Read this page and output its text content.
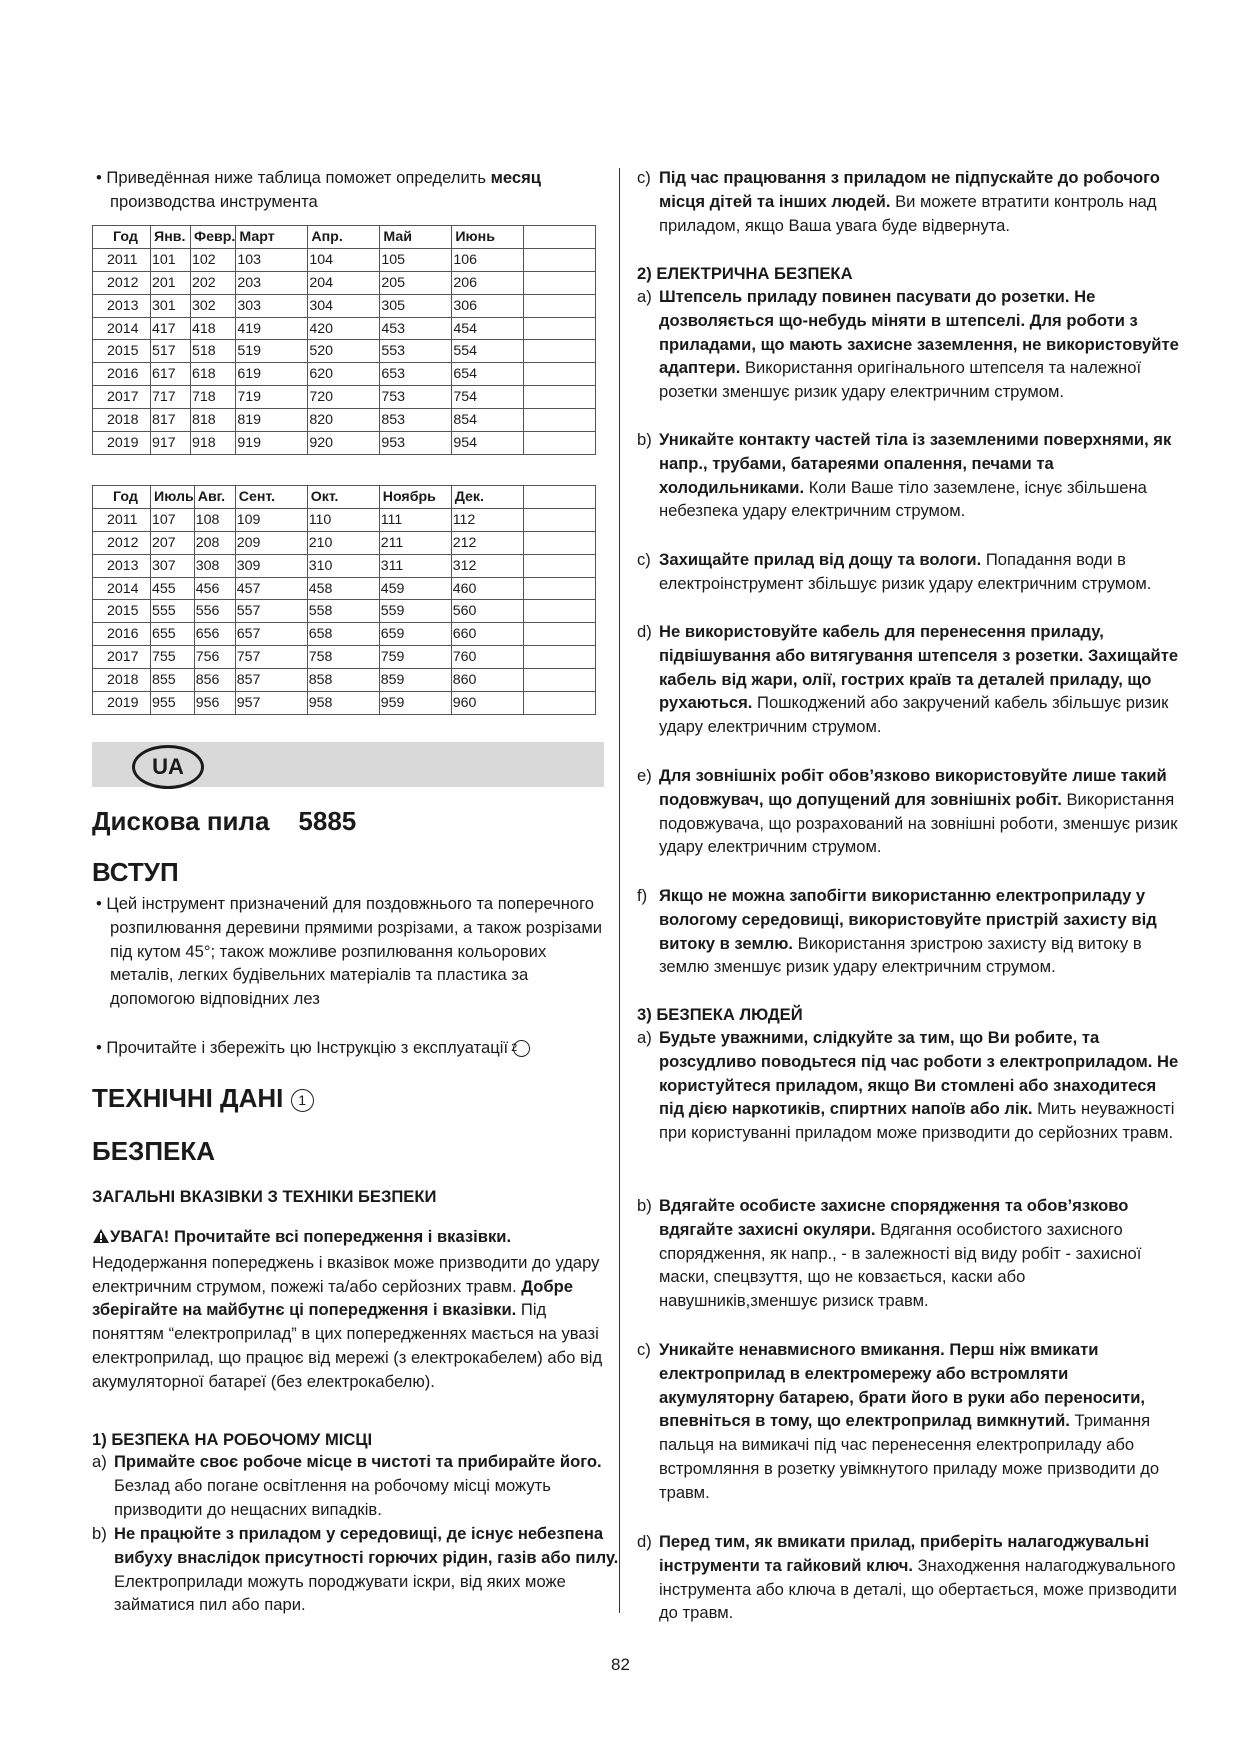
• Приведённая ниже таблица поможет определить месяц производства инструмента

Год	Янв.	Февр.	Март	Апр.	Май	Июнь	
2011	101	102	103	104	105	106	
2012	201	202	203	204	205	206	
2013	301	302	303	304	305	306	
2014	417	418	419	420	453	454	
2015	517	518	519	520	553	554	
2016	617	618	619	620	653	654	
2017	717	718	719	720	753	754	
2018	817	818	819	820	853	854	
2019	917	918	919	920	953	954	
Год	Июль	Авг.	Сент.	Окт.	Ноябрь	Дек.	
2011	107	108	109	110	111	112	
2012	207	208	209	210	211	212	
2013	307	308	309	310	311	312	
2014	455	456	457	458	459	460	
2015	555	556	557	558	559	560	
2016	655	656	657	658	659	660	
2017	755	756	757	758	759	760	
2018	855	856	857	858	859	860	
2019	955	956	957	958	959	960	
UA

Дискова пила    5885

ВСТУП

• Цей інструмент призначений для поздовжнього та поперечного розпилювання деревини прямими розрізами, а також розрізами під кутом 45°; також можливе розпилювання кольорових металів, легких будівельних матеріалів та пластика за допомогою відповідних лез

• Прочитайте і збережіть цю Інструкцію з експлуатації 2

ТЕХНІЧНІ ДАНІ 1

БЕЗПЕКА

ЗАГАЛЬНІ ВКАЗІВКИ З ТЕХНІКИ БЕЗПЕКИ

УВАГА! Прочитайте всі попередження і вказівки. Недодержання попереджень і вказівок може призводити до удару електричним струмом, пожежі та/або серйозних травм. Добре зберігайте на майбутнє ці попередження і вказівки. Під поняттям “електроприлад” в цих попередженнях мається на увазі електроприлад, що працює від мережі (з електрокабелем) або від акумуляторної батареї (без електрокабелю).

1) БЕЗПЕКА НА РОБОЧОМУ МІСЦІ

a) Примайте своє робоче місце в чистоті та прибирайте його. Безлад або погане освітлення на робочому місці можуть призводити до нещасних випадків.

b) Не працюйте з приладом у середовищі, де існує небезпена вибуху внаслідок присутності горючих рідин, газів або пилу. Електроприлади можуть породжувати іскри, від яких може займатися пил або пари.

c) Під час працювання з приладом не підпускайте до робочого місця дітей та інших людей. Ви можете втратити контроль над приладом, якщо Ваша увага буде відвернута.

2) ЕЛЕКТРИЧНА БЕЗПЕКА

a) Штепсель приладу повинен пасувати до розетки. Не дозволяється що-небудь міняти в штепселі. Для роботи з приладами, що мають захисне заземлення, не використовуйте адаптери. Використання оригінального штепселя та належної розетки зменшує ризик удару електричним струмом.

b) Уникайте контакту частей тіла із заземленими поверхнями, як напр., трубами, батареями опалення, печами та холодильниками. Коли Ваше тіло заземлене, існує збільшена небезпека удару електричним струмом.

c) Захищайте прилад від дощу та вологи. Попадання води в електроінструмент збільшує ризик удару електричним струмом.

d) Не використовуйте кабель для перенесення приладу, підвішування або витягування штепселя з розетки. Захищайте кабель від жари, олії, гострих країв та деталей приладу, що рухаються. Пошкоджений або закручений кабель збільшує ризик удару електричним струмом.

e) Для зовнішніх робіт обов’язково використовуйте лише такий подовжувач, що допущений для зовнішніх робіт. Використання подовжувача, що розрахований на зовнішні роботи, зменшує ризик удару електричним струмом.

f) Якщо не можна запобігти використанню електроприладу у вологому середовищі, використовуйте пристрій захисту від витоку в землю. Використання зристрою захисту від витоку в землю зменшує ризик удару електричним струмом.

3) БЕЗПЕКА ЛЮДЕЙ

a) Будьте уважними, слідкуйте за тим, що Ви робите, та розсудливо поводьтеся під час роботи з електроприладом. Не користуйтеся приладом, якщо Ви стомлені або знаходитеся під дією наркотиків, спиртних напоїв або лік. Мить неуважності при користуванні приладом може призводити до серйозних травм.

b) Вдягайте особисте захисне спорядження та обов’язково вдягайте захисні окуляри. Вдягання особистого захисного спорядження, як напр., - в залежності від виду робіт - захисної маски, спецвзуття, що не ковзається, каски або навушників,зменшує ризиск травм.

c) Уникайте ненавмисного вмикання. Перш ніж вмикати електроприлад в електромережу або встромляти акумуляторну батарею, брати його в руки або переносити, впевніться в тому, що електроприлад вимкнутий. Тримання пальця на вимикачі під час перенесення електроприладу або встромляння в розетку увімкнутого приладу може призводити до травм.

d) Перед тим, як вмикати прилад, приберіть налагоджувальні інструменти та гайковий ключ. Знаходження налагоджувального інструмента або ключа в деталі, що обертається, може призводити до травм.

82
